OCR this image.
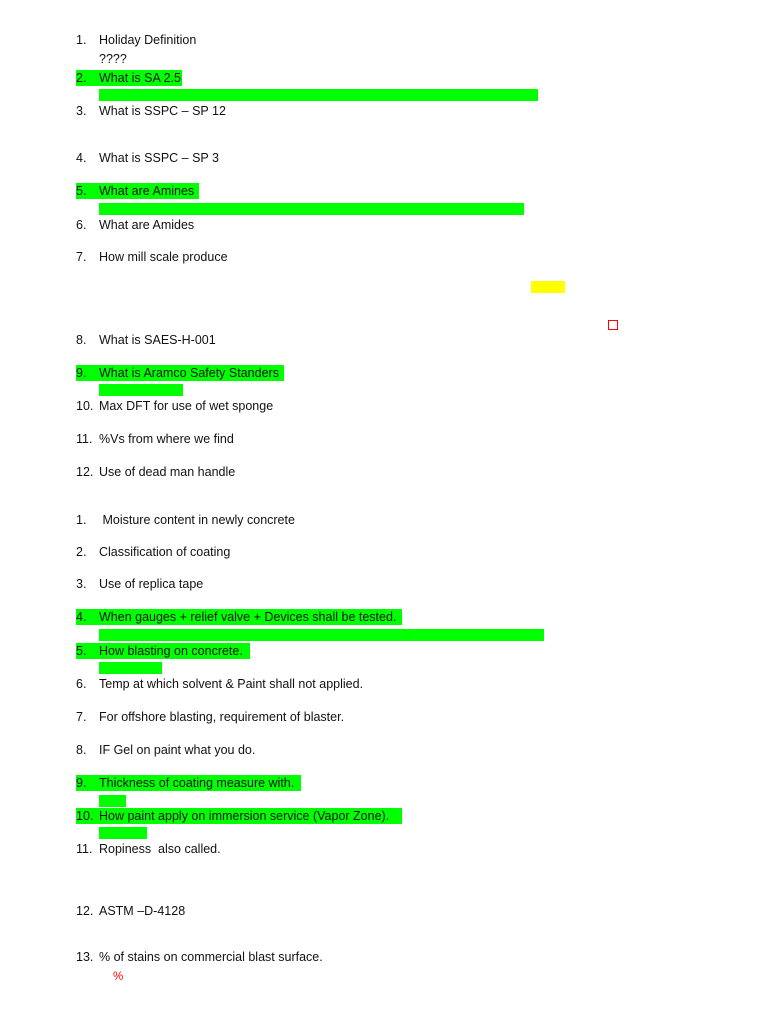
1. Holiday Definition
????
2. What is SA 2.5
3. What is SSPC – SP 12
4. What is SSPC – SP 3
5. What are Amines
6. What are Amides
7. How mill scale produce
8. What is SAES-H-001
9. What is Aramco Safety Standers
10. Max DFT for use of wet sponge
11. %Vs from where we find
12. Use of dead man handle
1. Moisture content in newly concrete
2. Classification of coating
3. Use of replica tape
4. When gauges + relief valve + Devices shall be tested.
5. How blasting on concrete.
6. Temp at which solvent & Paint shall not applied.
7. For offshore blasting, requirement of blaster.
8. IF Gel on paint what you do.
9. Thickness of coating measure with.
10. How paint apply on immersion service (Vapor Zone).
11. Ropiness  also called.
12. ASTM –D-4128
13. % of stains on commercial blast surface.
%
